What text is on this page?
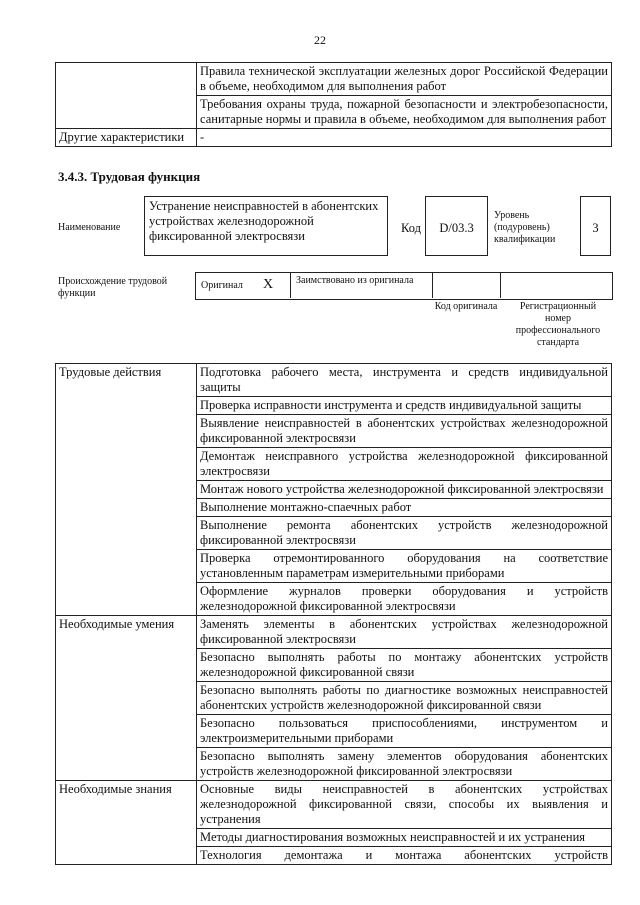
22
	Правила технической эксплуатации железных дорог Российской Федерации в объеме, необходимом для выполнения работ
	Требования охраны труда, пожарной безопасности и электробезопасности, санитарные нормы и правила в объеме, необходимом для выполнения работ
Другие характеристики	-
3.4.3. Трудовая функция
Наименование
Устранение неисправностей в абонентских устройствах железнодорожной фиксированной электросвязи
Код	D/03.3
Уровень (подуровень) квалификации
3
Происхождение трудовой функции
Оригинал X Заимствовано из оригинала
Код оригинала	Регистрационный номер профессионального стандарта
Трудовые действия	Подготовка рабочего места, инструмента и средств индивидуальной защиты
	Проверка исправности инструмента и средств индивидуальной защиты
	Выявление неисправностей в абонентских устройствах железнодорожной фиксированной электросвязи
	Демонтаж неисправного устройства железнодорожной фиксированной электросвязи
	Монтаж нового устройства железнодорожной фиксированной электросвязи
	Выполнение монтажно-спаечных работ
	Выполнение ремонта абонентских устройств железнодорожной фиксированной электросвязи
	Проверка отремонтированного оборудования на соответствие установленным параметрам измерительными приборами
	Оформление журналов проверки оборудования и устройств железнодорожной фиксированной электросвязи
Необходимые умения	Заменять элементы в абонентских устройствах железнодорожной фиксированной электросвязи
	Безопасно выполнять работы по монтажу абонентских устройств железнодорожной фиксированной связи
	Безопасно выполнять работы по диагностике возможных неисправностей абонентских устройств железнодорожной фиксированной связи
	Безопасно пользоваться приспособлениями, инструментом и электроизмерительными приборами
	Безопасно выполнять замену элементов оборудования абонентских устройств железнодорожной фиксированной электросвязи
Необходимые знания	Основные виды неисправностей в абонентских устройствах железнодорожной фиксированной связи, способы их выявления и устранения
	Методы диагностирования возможных неисправностей и их устранения
	Технология демонтажа и монтажа абонентских устройств
